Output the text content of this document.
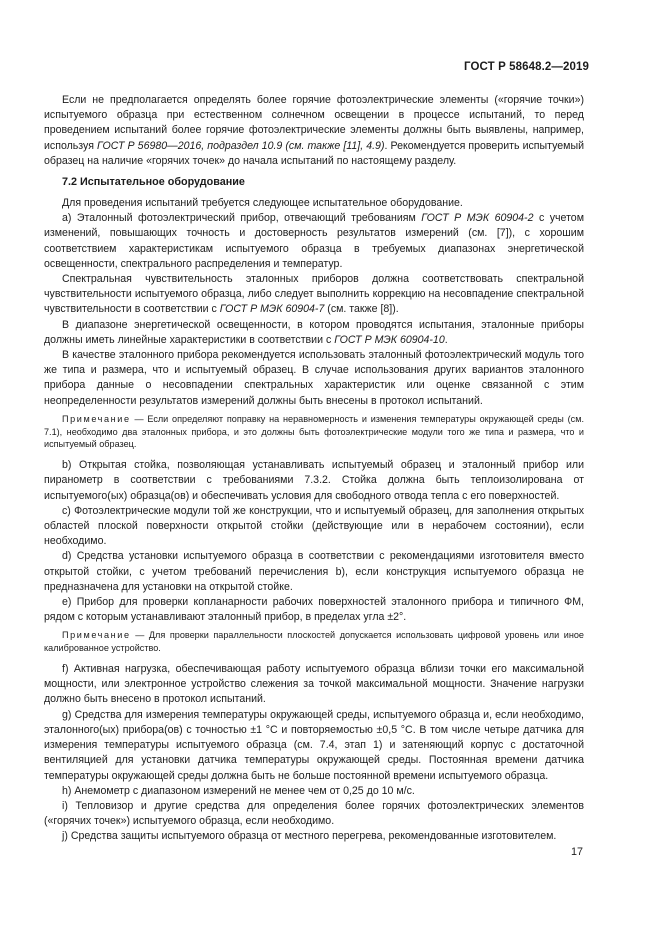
ГОСТ Р 58648.2—2019

Если не предполагается определять более горячие фотоэлектрические элементы («горячие точки») испытуемого образца при естественном солнечном освещении в процессе испытаний, то перед проведением испытаний более горячие фотоэлектрические элементы должны быть выявлены, например, используя ГОСТ Р 56980—2016, подраздел 10.9 (см. также [11], 4.9). Рекомендуется проверить испытуемый образец на наличие «горячих точек» до начала испытаний по настоящему разделу.

7.2 Испытательное оборудование

Для проведения испытаний требуется следующее испытательное оборудование.

а) Эталонный фотоэлектрический прибор, отвечающий требованиям ГОСТ Р МЭК 60904-2 с учетом изменений, повышающих точность и достоверность результатов измерений (см. [7]), с хорошим соответствием характеристикам испытуемого образца в требуемых диапазонах энергетической освещенности, спектрального распределения и температур.

Спектральная чувствительность эталонных приборов должна соответствовать спектральной чувствительности испытуемого образца, либо следует выполнить коррекцию на несовпадение спектральной чувствительности в соответствии с ГОСТ Р МЭК 60904-7 (см. также [8]).

В диапазоне энергетической освещенности, в котором проводятся испытания, эталонные приборы должны иметь линейные характеристики в соответствии с ГОСТ Р МЭК 60904-10.

В качестве эталонного прибора рекомендуется использовать эталонный фотоэлектрический модуль того же типа и размера, что и испытуемый образец. В случае использования других вариантов эталонного прибора данные о несовпадении спектральных характеристик или оценке связанной с этим неопределенности результатов измерений должны быть внесены в протокол испытаний.

Примечание — Если определяют поправку на неравномерность и изменения температуры окружающей среды (см. 7.1), необходимо два эталонных прибора, и это должны быть фотоэлектрические модули того же типа и размера, что и испытуемый образец.

b) Открытая стойка, позволяющая устанавливать испытуемый образец и эталонный прибор или пиранометр в соответствии с требованиями 7.3.2. Стойка должна быть теплоизолирована от испытуемого(ых) образца(ов) и обеспечивать условия для свободного отвода тепла с его поверхностей.

c) Фотоэлектрические модули той же конструкции, что и испытуемый образец, для заполнения открытых областей плоской поверхности открытой стойки (действующие или в нерабочем состоянии), если необходимо.

d) Средства установки испытуемого образца в соответствии с рекомендациями изготовителя вместо открытой стойки, с учетом требований перечисления b), если конструкция испытуемого образца не предназначена для установки на открытой стойке.

e) Прибор для проверки копланарности рабочих поверхностей эталонного прибора и типичного ФМ, рядом с которым устанавливают эталонный прибор, в пределах угла ±2°.

Примечание — Для проверки параллельности плоскостей допускается использовать цифровой уровень или иное калиброванное устройство.

f) Активная нагрузка, обеспечивающая работу испытуемого образца вблизи точки его максимальной мощности, или электронное устройство слежения за точкой максимальной мощности. Значение нагрузки должно быть внесено в протокол испытаний.

g) Средства для измерения температуры окружающей среды, испытуемого образца и, если необходимо, эталонного(ых) прибора(ов) с точностью ±1 °С и повторяемостью ±0,5 °С. В том числе четыре датчика для измерения температуры испытуемого образца (см. 7.4, этап 1) и затеняющий корпус с достаточной вентиляцией для установки датчика температуры окружающей среды. Постоянная времени датчика температуры окружающей среды должна быть не больше постоянной времени испытуемого образца.

h) Анемометр с диапазоном измерений не менее чем от 0,25 до 10 м/с.

i) Тепловизор и другие средства для определения более горячих фотоэлектрических элементов («горячих точек») испытуемого образца, если необходимо.

j) Средства защиты испытуемого образца от местного перегрева, рекомендованные изготовителем.

17
